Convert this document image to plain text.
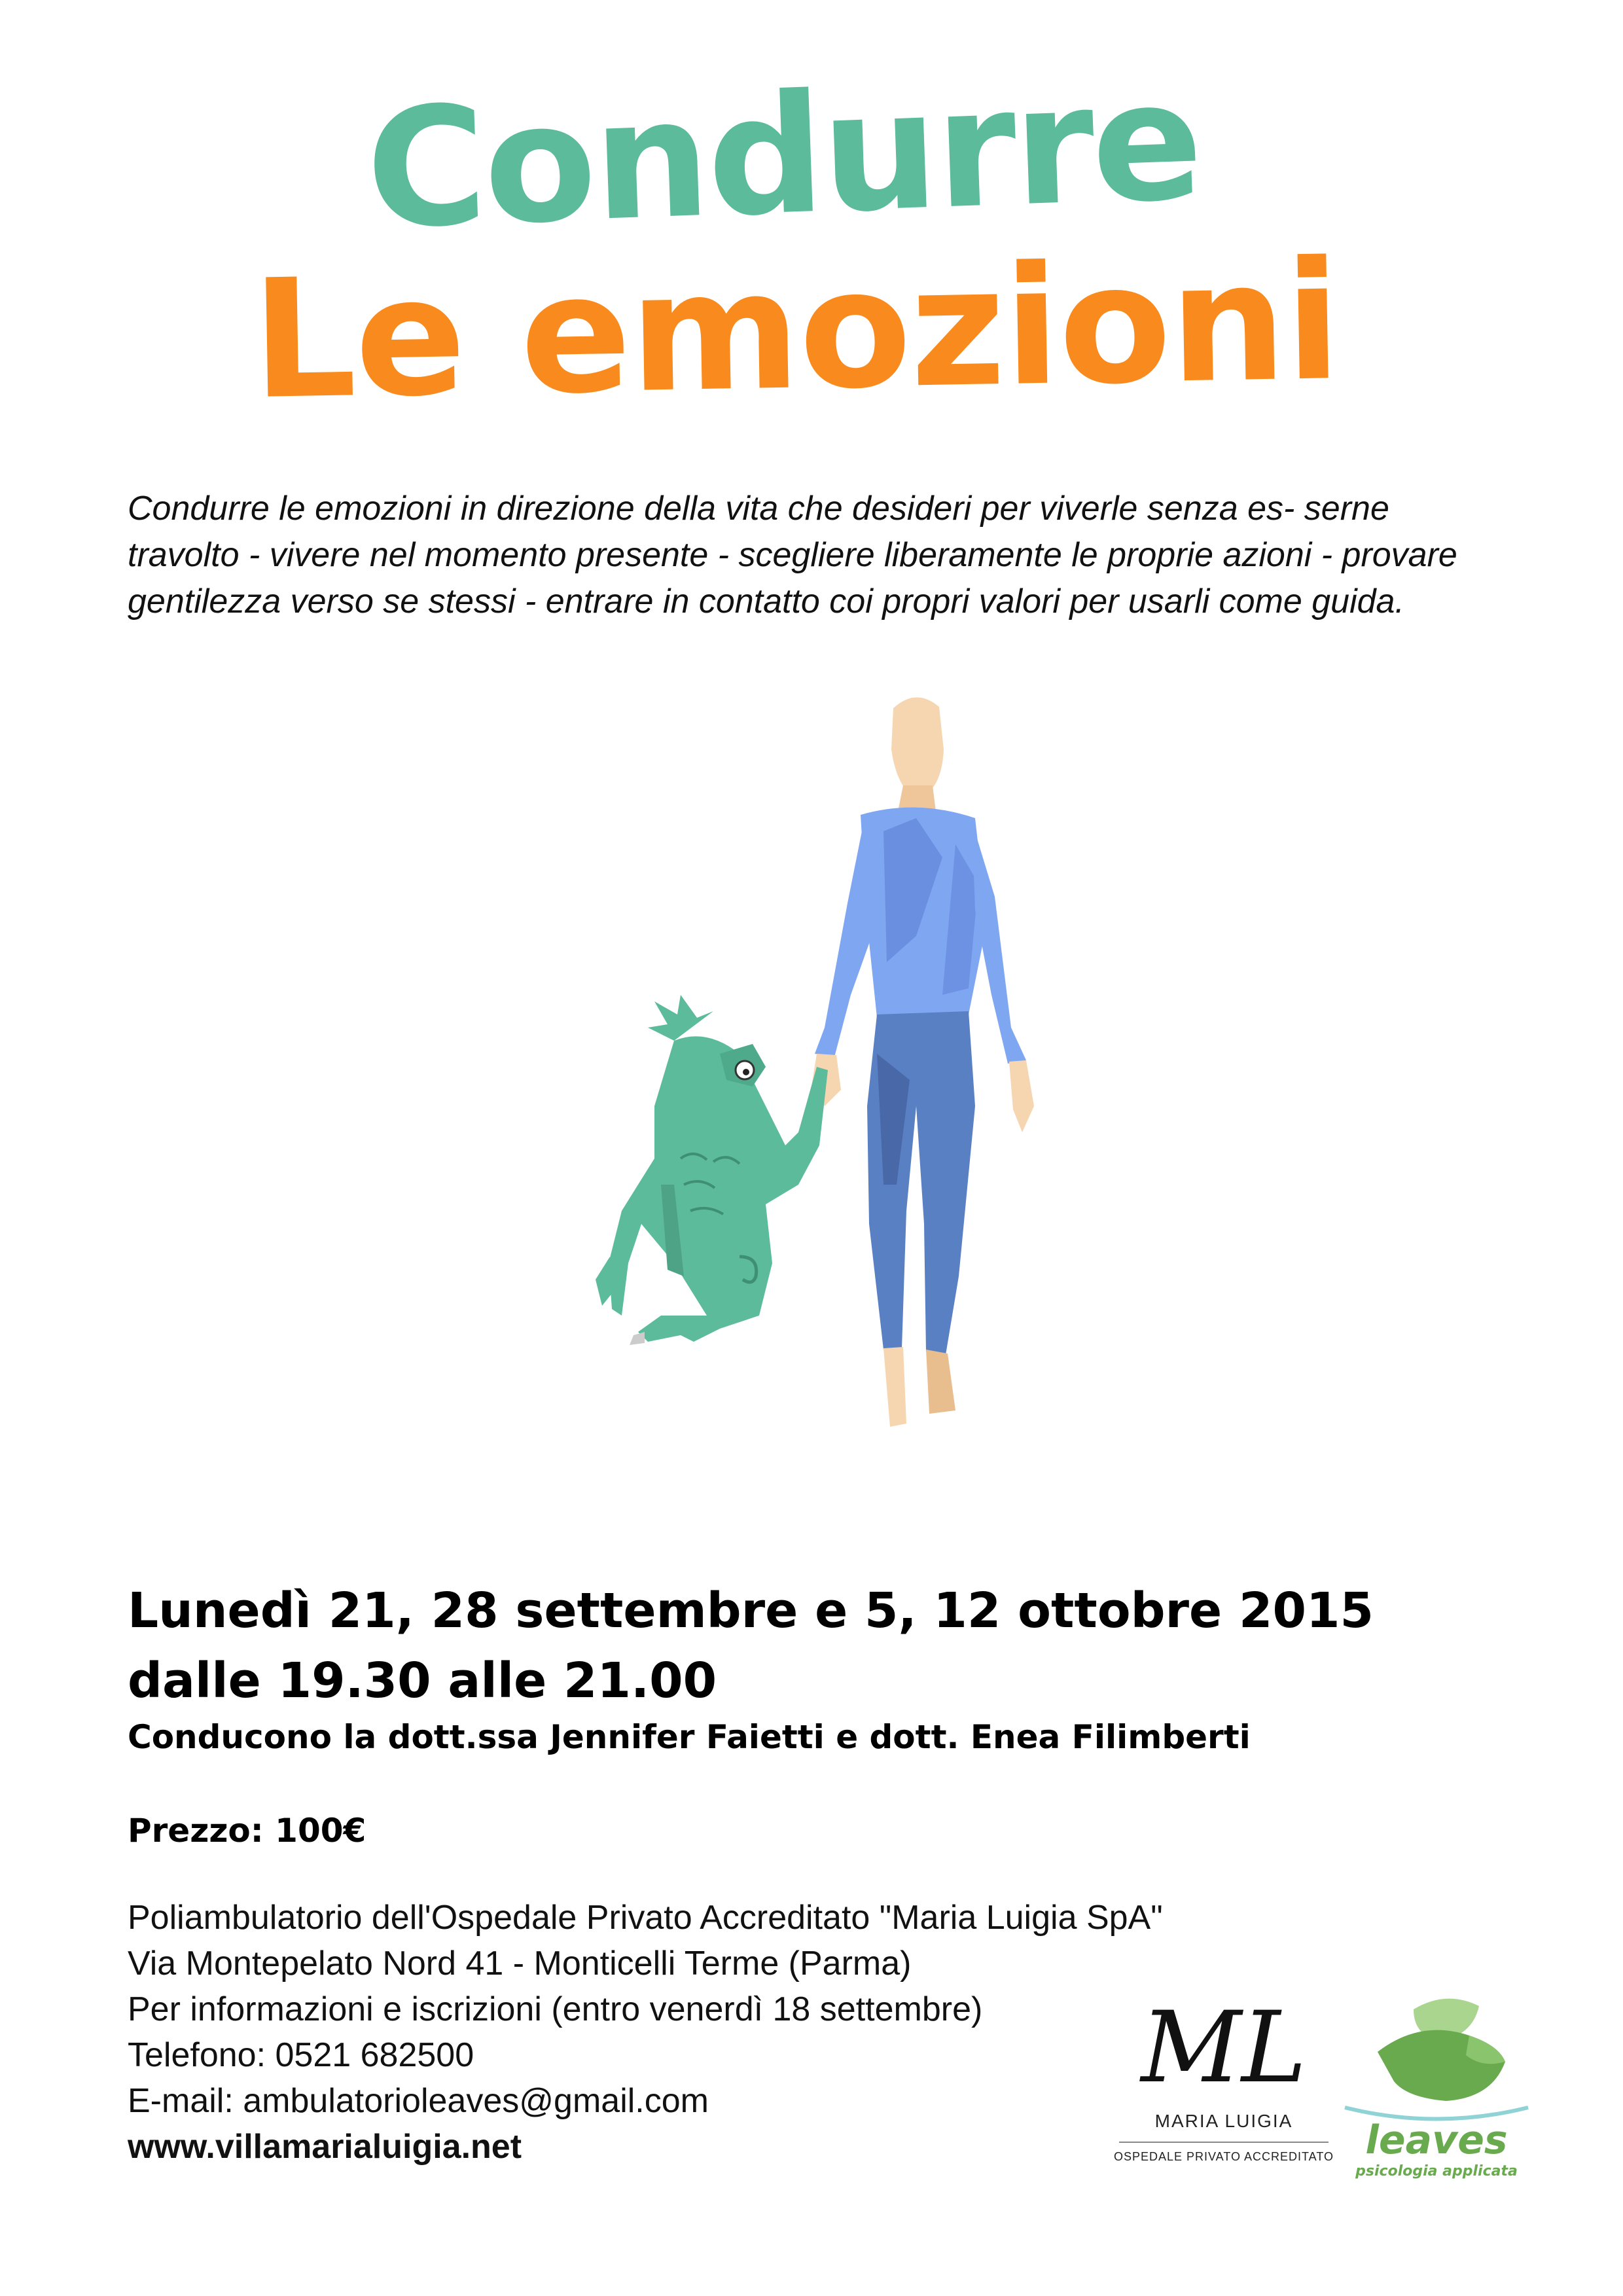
Condurre
Le emozioni

Condurre le emozioni in direzione della vita che desideri per viverle senza es- serne travolto - vivere nel momento presente - scegliere liberamente le proprie azioni - provare gentilezza verso se stessi - entrare in contatto coi propri valori per usarli come guida.

Lunedì 21, 28 settembre e 5, 12 ottobre 2015

dalle 19.30 alle 21.00

Conducono la dott.ssa Jennifer Faietti e dott. Enea Filimberti

Prezzo: 100€

Poliambulatorio dell'Ospedale Privato Accreditato "Maria Luigia SpA"

Via Montepelato Nord 41 - Monticelli Terme (Parma)

Per informazioni e iscrizioni (entro venerdì 18 settembre)

Telefono: 0521 682500

E-mail: ambulatorioleaves@gmail.com

www.villamarialuigia.net

ML

MARIA LUIGIA

OSPEDALE PRIVATO ACCREDITATO leaves

psicologia applicata
